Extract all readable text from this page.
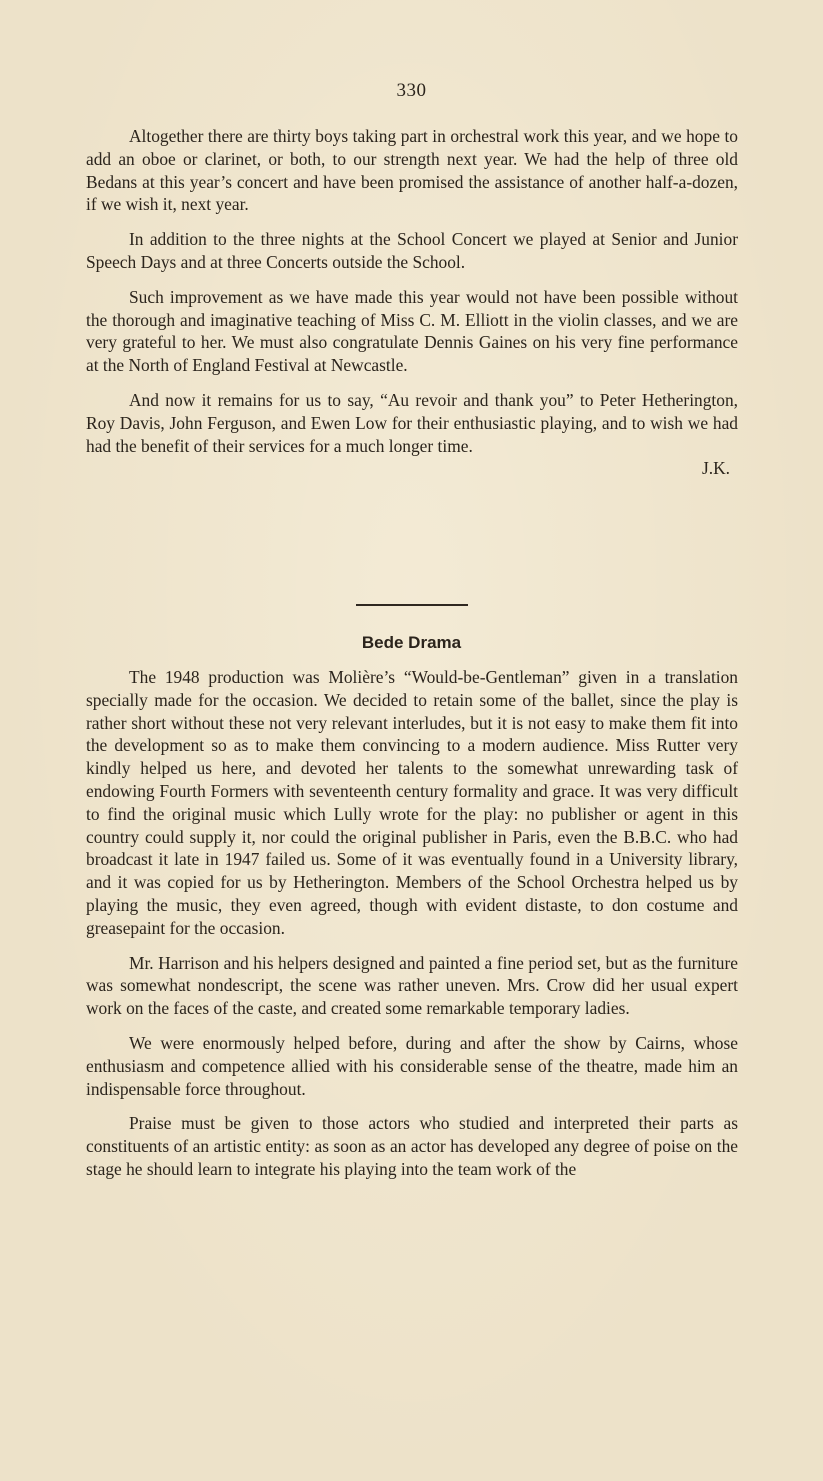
330

Altogether there are thirty boys taking part in orchestral work this year, and we hope to add an oboe or clarinet, or both, to our strength next year. We had the help of three old Bedans at this year’s concert and have been promised the assistance of another half-a-dozen, if we wish it, next year.

In addition to the three nights at the School Concert we played at Senior and Junior Speech Days and at three Concerts outside the School.

Such improvement as we have made this year would not have been possible without the thorough and imaginative teaching of Miss C. M. Elliott in the violin classes, and we are very grateful to her. We must also congratulate Dennis Gaines on his very fine performance at the North of England Festival at Newcastle.

And now it remains for us to say, “Au revoir and thank you” to Peter Hetherington, Roy Davis, John Ferguson, and Ewen Low for their enthusiastic playing, and to wish we had had the benefit of their services for a much longer time.
J.K.

Bede Drama

The 1948 production was Molière’s “Would-be-Gentleman” given in a translation specially made for the occasion. We decided to retain some of the ballet, since the play is rather short without these not very relevant interludes, but it is not easy to make them fit into the development so as to make them convincing to a modern audience. Miss Rutter very kindly helped us here, and devoted her talents to the somewhat unrewarding task of endowing Fourth Formers with seventeenth century formality and grace. It was very difficult to find the original music which Lully wrote for the play: no publisher or agent in this country could supply it, nor could the original publisher in Paris, even the B.B.C. who had broadcast it late in 1947 failed us. Some of it was eventually found in a University library, and it was copied for us by Hetherington. Members of the School Orchestra helped us by playing the music, they even agreed, though with evident distaste, to don costume and greasepaint for the occasion.

Mr. Harrison and his helpers designed and painted a fine period set, but as the furniture was somewhat nondescript, the scene was rather uneven. Mrs. Crow did her usual expert work on the faces of the caste, and created some remarkable temporary ladies.

We were enormously helped before, during and after the show by Cairns, whose enthusiasm and competence allied with his considerable sense of the theatre, made him an indispensable force throughout.

Praise must be given to those actors who studied and interpreted their parts as constituents of an artistic entity: as soon as an actor has developed any degree of poise on the stage he should learn to integrate his playing into the team work of the
